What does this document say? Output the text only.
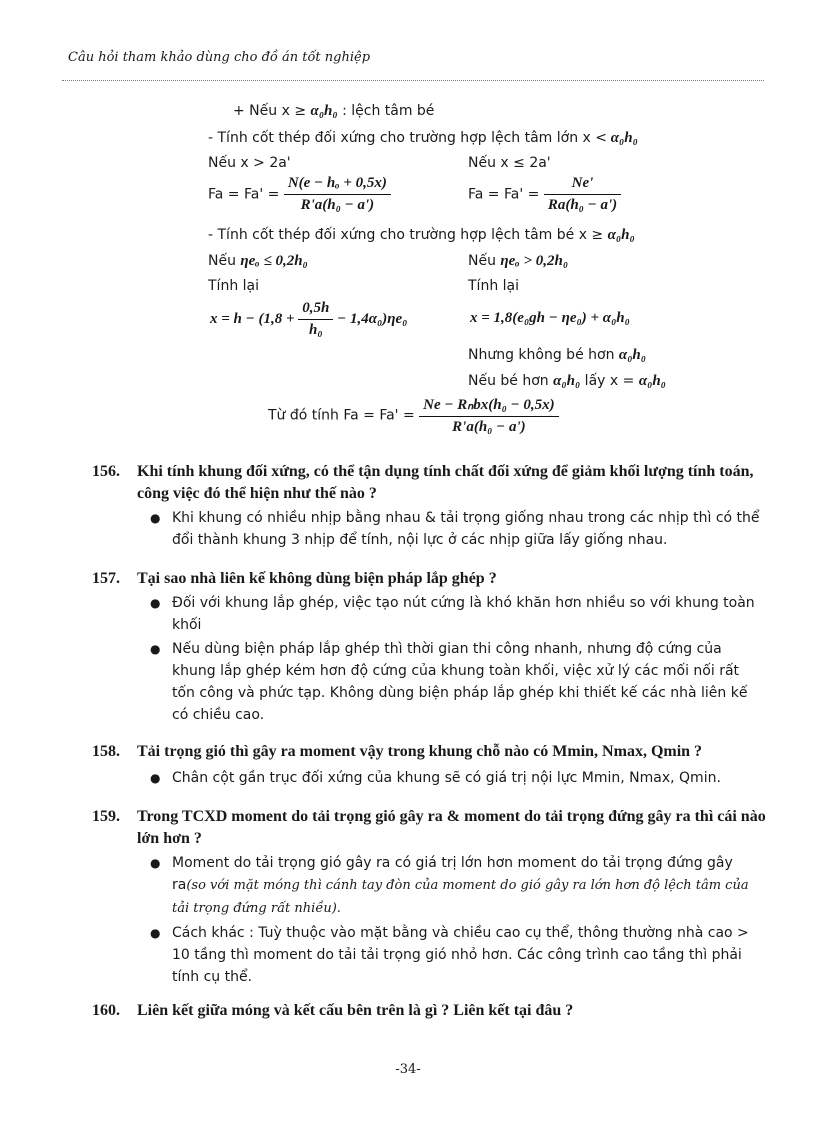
Câu hỏi tham khảo dùng cho đồ án tốt nghiệp
+ Nếu x ≥ α₀h₀ : lệch tâm bé
- Tính cốt thép đối xứng cho trường hợp lệch tâm lớn x < α₀h₀
Nếu x > 2a'	Nếu x ≤ 2a'
$Fa = Fa' = \frac{\text{N(e − hₒ + 0,5x)}}{\text{R'a(h₀ − a')}}$	$Fa = Fa' = \frac{Ne'}{\text{Ra(h₀ − a')}}$
- Tính cốt thép đối xứng cho trường hợp lệch tâm bé x ≥ α₀h₀
Nếu ηeₒ ≤ 0,2h₀	Nếu ηeₒ > 0,2h₀
Tính lại	Tính lại
$x = h - (1,8 + \frac{0,5h}{\text{h₀}} - 1,4\alpha_0)\eta e_0$	x = 1,8(e₀gh − ηe₀) + α₀h₀
Nhưng không bé hơn α₀h₀
Nếu bé hơn α₀h₀ lấy x = α₀h₀
Từ đó tính $Fa = Fa' = \frac{\text{Ne − Rₙbx(h₀ − 0,5x)}}{\text{R'a(h₀ − a')}}$
156. Khi tính khung đối xứng, có thể tận dụng tính chất đối xứng để giảm khối lượng tính toán, công việc đó thể hiện như thế nào ?
● Khi khung có nhiều nhịp bằng nhau & tải trọng giống nhau trong các nhịp thì có thể đổi thành khung 3 nhịp để tính, nội lực ở các nhịp giữa lấy giống nhau.
157. Tại sao nhà liên kế không dùng biện pháp lắp ghép ?
● Đối với khung lắp ghép, việc tạo nút cứng là khó khăn hơn nhiều so với khung toàn khối
● Nếu dùng biện pháp lắp ghép thì thời gian thi công nhanh, nhưng độ cứng của khung lắp ghép kém hơn độ cứng của khung toàn khối, việc xử lý các mối nối rất tốn công và phức tạp. Không dùng biện pháp lắp ghép khi thiết kế các nhà liên kế có chiều cao.
158. Tải trọng gió thì gây ra moment vậy trong khung chỗ nào có Mmin, Nmax, Qmin ?
● Chân cột gần trục đối xứng của khung sẽ có giá trị nội lực Mmin, Nmax, Qmin.
159. Trong TCXD moment do tải trọng gió gây ra & moment do tải trọng đứng gây ra thì cái nào lớn hơn ?
● Moment do tải trọng gió gây ra có giá trị lớn hơn moment do tải trọng đứng gây ra(so với mặt móng thì cánh tay đòn của moment do gió gây ra lớn hơn độ lệch tâm của tải trọng đứng rất nhiều).
● Cách khác : Tuỳ thuộc vào mặt bằng và chiều cao cụ thể, thông thường nhà cao > 10 tầng thì moment do tải tải trọng gió nhỏ hơn. Các công trình cao tầng thì phải tính cụ thể.
160. Liên kết giữa móng và kết cấu bên trên là gì ? Liên kết tại đâu ?
-34-
